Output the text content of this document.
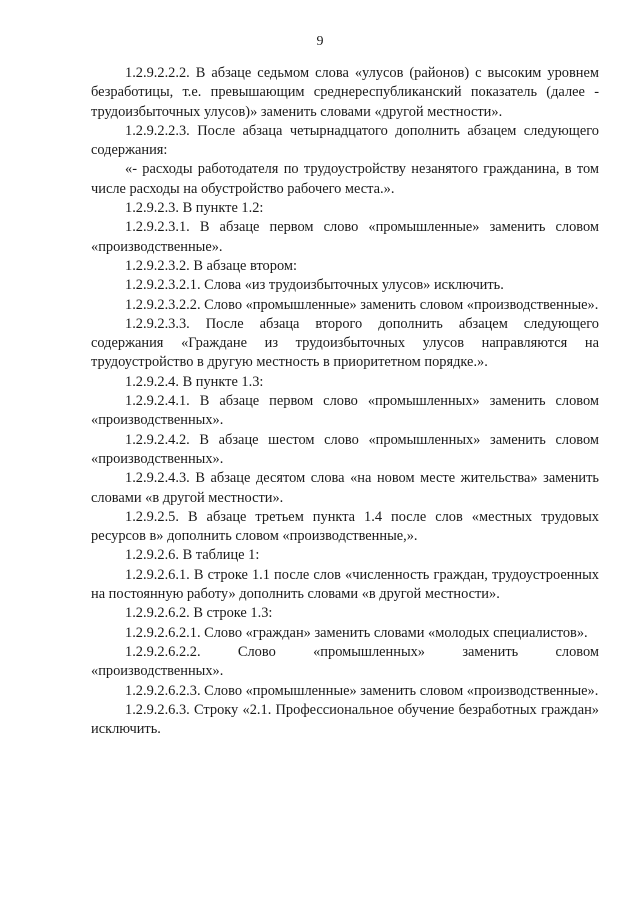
9

1.2.9.2.2.2. В абзаце седьмом слова «улусов (районов) с высоким уровнем безработицы, т.е. превышающим среднереспубликанский показатель (далее - трудоизбыточных улусов)» заменить словами «другой местности».

1.2.9.2.2.3. После абзаца четырнадцатого дополнить абзацем следующего содержания:

«- расходы работодателя по трудоустройству незанятого гражданина, в том числе расходы на обустройство рабочего места.».

1.2.9.2.3. В пункте 1.2:

1.2.9.2.3.1. В абзаце первом слово «промышленные» заменить словом «производственные».

1.2.9.2.3.2. В абзаце втором:

1.2.9.2.3.2.1. Слова «из трудоизбыточных улусов» исключить.

1.2.9.2.3.2.2. Слово «промышленные» заменить словом «производственные».

1.2.9.2.3.3. После абзаца второго дополнить абзацем следующего содержания «Граждане из трудоизбыточных улусов направляются на трудоустройство в другую местность в приоритетном порядке.».

1.2.9.2.4. В пункте 1.3:

1.2.9.2.4.1. В абзаце первом слово «промышленных» заменить словом «производственных».

1.2.9.2.4.2. В абзаце шестом слово «промышленных» заменить словом «производственных».

1.2.9.2.4.3. В абзаце десятом слова «на новом месте жительства» заменить словами «в другой местности».

1.2.9.2.5. В абзаце третьем пункта 1.4 после слов «местных трудовых ресурсов в» дополнить словом «производственные,».

1.2.9.2.6. В таблице 1:

1.2.9.2.6.1. В строке 1.1 после слов «численность граждан, трудоустроенных на постоянную работу» дополнить словами «в другой местности».

1.2.9.2.6.2. В строке 1.3:

1.2.9.2.6.2.1. Слово «граждан» заменить словами «молодых специалистов».

1.2.9.2.6.2.2. Слово «промышленных» заменить словом «производственных».

1.2.9.2.6.2.3. Слово «промышленные» заменить словом «производственные».

1.2.9.2.6.3. Строку «2.1. Профессиональное обучение безработных граждан» исключить.
